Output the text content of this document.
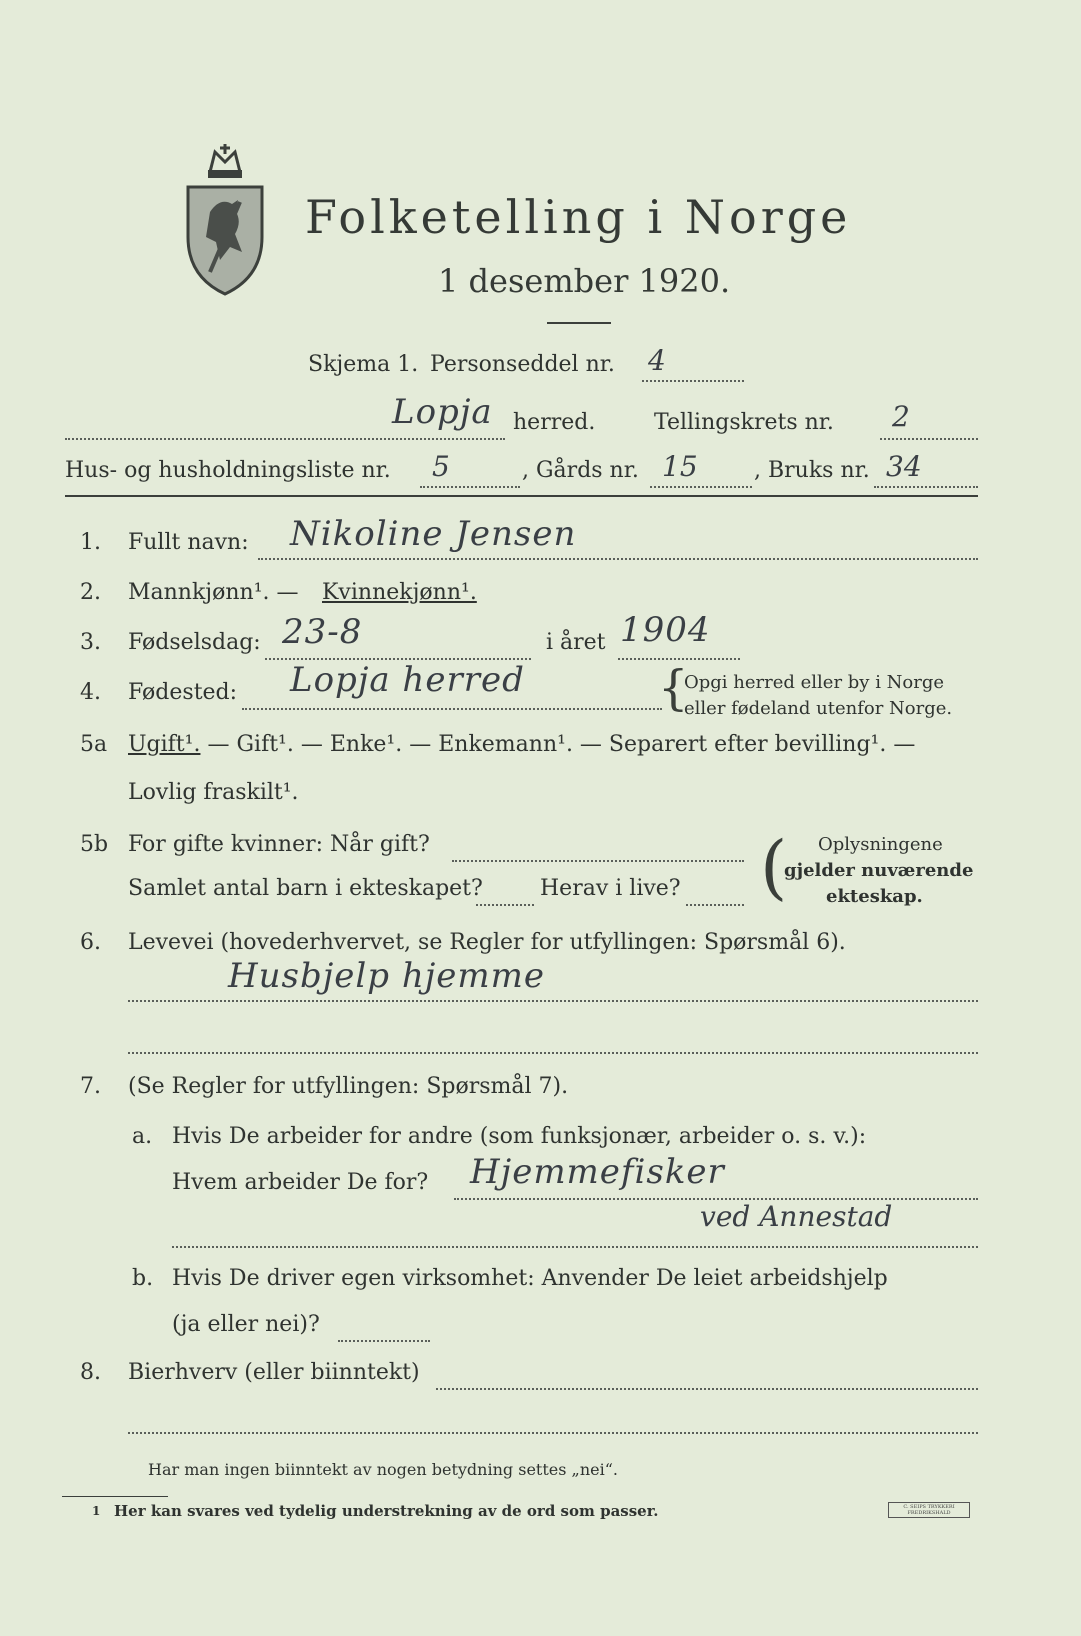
Folketelling i Norge
1 desember 1920.
Skjema 1. Personseddel nr. 4
Lopja herred.	Tellingskrets nr. 2
Hus- og husholdningsliste nr. 5	, Gårds nr. 15	, Bruks nr. 34
1. Fullt navn: Nikoline Jensen
2. Mannkjønn¹. — Kvinnekjønn¹.
3. Fødselsdag: 23-8	i året 1904
4. Fødested: Lopja herred	{
Opgi herred eller by i Norge
eller fødeland utenfor Norge.
5a Ugift¹. — Gift¹. — Enke¹. — Enkemann¹. — Separert efter bevilling¹. —
Lovlig fraskilt¹.
5b For gifte kvinner: Når gift?
Samlet antal barn i ekteskapet?	Herav i live? ( Oplysningene
gjelder nuværende
ekteskap.
6. Levevei (hovederhvervet, se Regler for utfyllingen: Spørsmål 6).
Husbjelp hjemme
7. (Se Regler for utfyllingen: Spørsmål 7).
a. Hvis De arbeider for andre (som funksjonær, arbeider o. s. v.):
Hvem arbeider De for? Hjemmefisker
ved Annestad
b. Hvis De driver egen virksomhet: Anvender De leiet arbeidshjelp
(ja eller nei)?
8. Bierhverv (eller biinntekt)
Har man ingen biinntekt av nogen betydning settes „nei“.
1 Her kan svares ved tydelig understrekning av de ord som passer.	C. SEIPS TRYKKERI
FREDRIKSHALD
